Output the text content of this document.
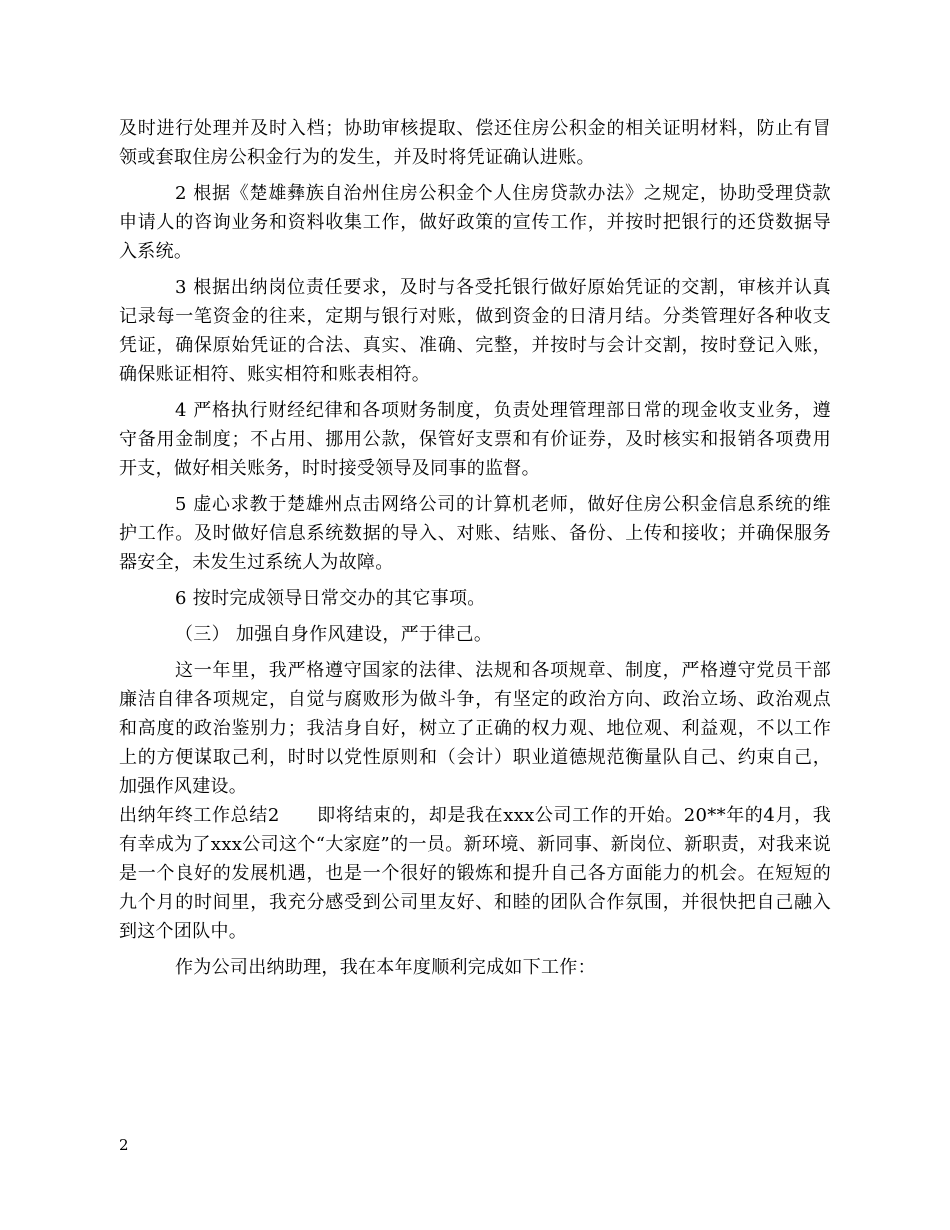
及时进行处理并及时入档；协助审核提取、偿还住房公积金的相关证明材料，防止有冒领或套取住房公积金行为的发生，并及时将凭证确认进账。

2 根据《楚雄彝族自治州住房公积金个人住房贷款办法》之规定，协助受理贷款申请人的咨询业务和资料收集工作，做好政策的宣传工作，并按时把银行的还贷数据导入系统。

3 根据出纳岗位责任要求，及时与各受托银行做好原始凭证的交割，审核并认真记录每一笔资金的往来，定期与银行对账，做到资金的日清月结。分类管理好各种收支凭证，确保原始凭证的合法、真实、准确、完整，并按时与会计交割，按时登记入账，确保账证相符、账实相符和账表相符。

4 严格执行财经纪律和各项财务制度，负责处理管理部日常的现金收支业务，遵守备用金制度；不占用、挪用公款，保管好支票和有价证券，及时核实和报销各项费用开支，做好相关账务，时时接受领导及同事的监督。

5 虚心求教于楚雄州点击网络公司的计算机老师，做好住房公积金信息系统的维护工作。及时做好信息系统数据的导入、对账、结账、备份、上传和接收；并确保服务器安全，未发生过系统人为故障。

6 按时完成领导日常交办的其它事项。

（三） 加强自身作风建设，严于律己。

这一年里，我严格遵守国家的法律、法规和各项规章、制度，严格遵守党员干部廉洁自律各项规定，自觉与腐败形为做斗争，有坚定的政治方向、政治立场、政治观点和高度的政治鉴别力；我洁身自好，树立了正确的权力观、地位观、利益观，不以工作上的方便谋取己利，时时以党性原则和（会计）职业道德规范衡量队自己、约束自己，加强作风建设。

出纳年终工作总结2　　即将结束的，却是我在xxx公司工作的开始。20**年的4月，我有幸成为了xxx公司这个“大家庭”的一员。新环境、新同事、新岗位、新职责，对我来说是一个良好的发展机遇，也是一个很好的锻炼和提升自己各方面能力的机会。在短短的九个月的时间里，我充分感受到公司里友好、和睦的团队合作氛围，并很快把自己融入到这个团队中。

作为公司出纳助理，我在本年度顺利完成如下工作：

2
